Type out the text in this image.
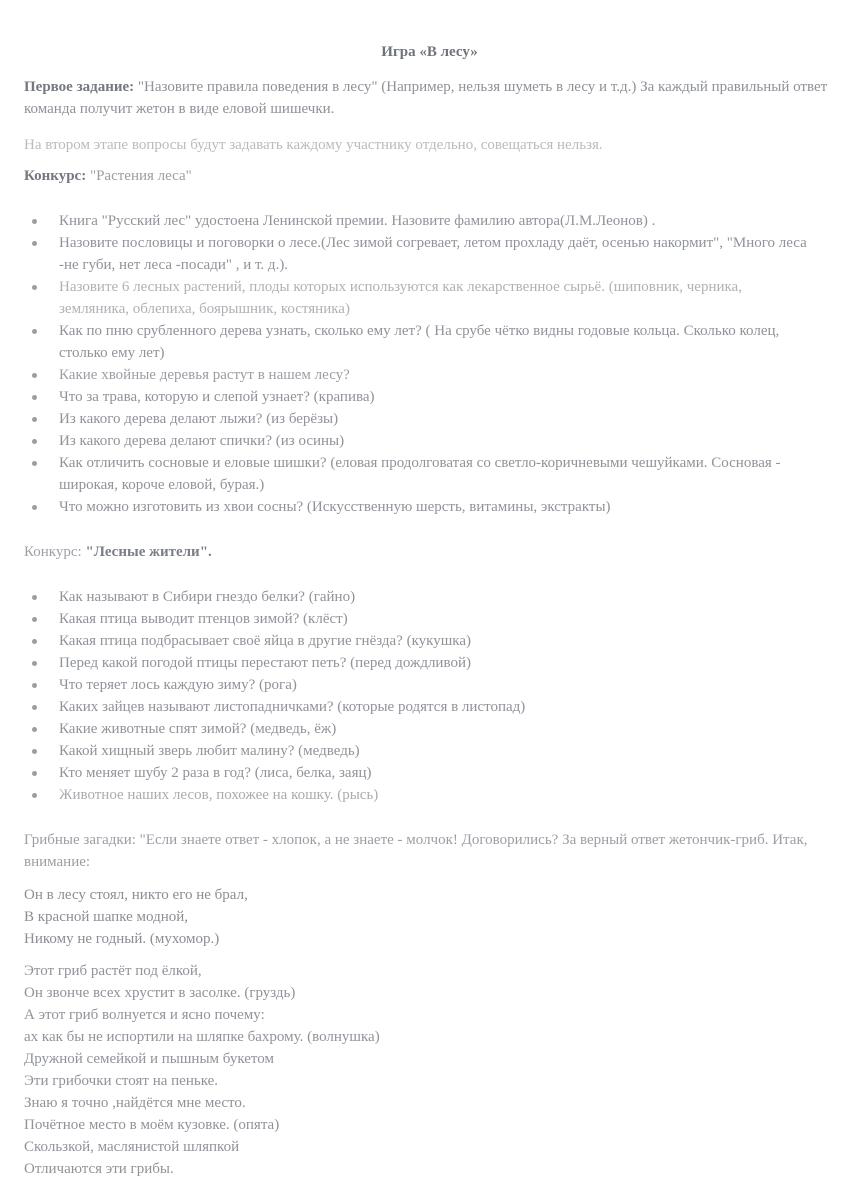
Игра «В лесу»
Первое задание: "Назовите правила поведения в лесу" (Например, нельзя шуметь в лесу и т.д.) За каждый правильный ответ команда получит жетон в виде еловой шишечки.
На втором этапе вопросы будут задавать каждому участнику отдельно, совещаться нельзя.
Конкурс: "Растения леса"
Книга "Русский лес" удостоена Ленинской премии. Назовите фамилию автора(Л.М.Леонов) .
Назовите пословицы и поговорки о лесе.(Лес зимой согревает, летом прохладу даёт, осенью накормит", "Много леса -не губи, нет леса -посади" , и т. д.).
Назовите 6 лесных растений, плоды которых используются как лекарственное сырьё. (шиповник, черника, земляника, облепиха, боярышник, костяника)
Как по пню срубленного дерева узнать, сколько ему лет? ( На срубе чётко видны годовые кольца. Сколько колец, столько ему лет)
Какие хвойные деревья растут в нашем лесу?
Что за трава, которую и слепой узнает? (крапива)
Из какого дерева делают лыжи? (из берёзы)
Из какого дерева делают спички? (из осины)
Как отличить сосновые и еловые шишки? (еловая продолговатая со светло-коричневыми чешуйками. Сосновая - широкая, короче еловой, бурая.)
Что можно изготовить из хвои сосны? (Искусственную шерсть, витамины, экстракты)
Конкурс: "Лесные жители".
Как называют в Сибири гнездо белки? (гайно)
Какая птица выводит птенцов зимой? (клёст)
Какая птица подбрасывает своё яйца в другие гнёзда? (кукушка)
Перед какой погодой птицы перестают петь? (перед дождливой)
Что теряет лось каждую зиму? (рога)
Каких зайцев называют листопадничками? (которые родятся в листопад)
Какие животные спят зимой? (медведь, ёж)
Какой хищный зверь любит малину? (медведь)
Кто меняет шубу 2 раза в год? (лиса, белка, заяц)
Животное наших лесов, похожее на кошку. (рысь)
Грибные загадки: "Если знаете ответ - хлопок, а не знаете - молчок! Договорились? За верный ответ жетончик-гриб. Итак, внимание:
Он в лесу стоял, никто его не брал,
В красной шапке модной,
Никому не годный. (мухомор.)
Этот гриб растёт под ёлкой,
Он звонче всех хрустит в засолке. (груздь)
А этот гриб волнуется и ясно почему:
ах как бы не испортили на шляпке бахрому. (волнушка)
Дружной семейкой и пышным букетом
Эти грибочки стоят на пеньке.
Знаю я точно ,найдётся мне место.
Почётное место в моём кузовке. (опята)
Скользкой, маслянистой шляпкой
Отличаются эти грибы.
